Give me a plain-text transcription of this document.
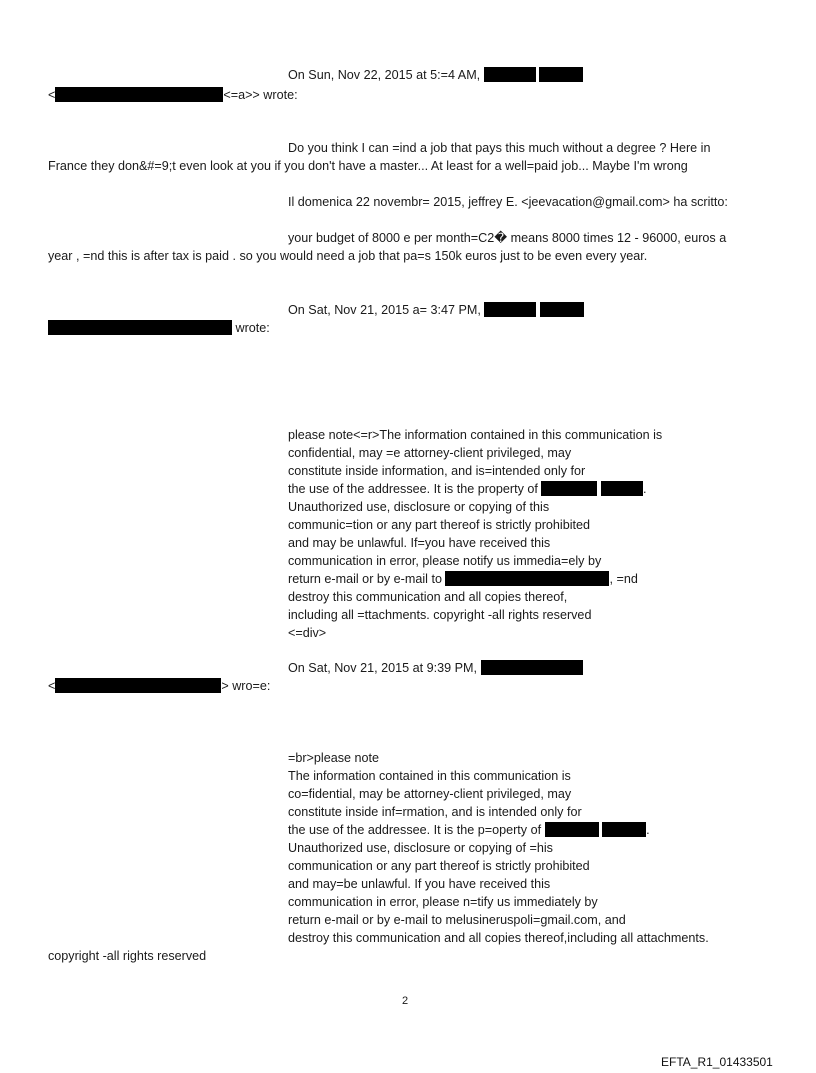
On Sun, Nov 22, 2015 at 5:=4 AM,
<	<=a>> wrote:
Do you think I can =ind a job that pays this much without a degree ? Here in
France they don&#=9;t even look at you if you don't have a master... At least for a well=paid job... Maybe I'm wrong
Il domenica 22 novembr= 2015, jeffrey E. <jeevacation@gmail.com> ha scritto:
your budget of 8000 e per month=C2� means 8000 times 12 - 96000, euros a
year , =nd this is after tax is paid . so you would need a job that pa=s 150k euros just to be even every year.
On Sat, Nov 21, 2015 a= 3:47 PM,
wrote:
please note<=r>The information contained in this communication is
confidential, may =e attorney-client privileged, may
constitute inside information, and is=intended only for
the use of the addressee. It is the property of	.
Unauthorized use, disclosure or copying of this
communic=tion or any part thereof is strictly prohibited
and may be unlawful. If=you have received this
communication in error, please notify us immedia=ely by
return e-mail or by e-mail to	, =nd
destroy this communication and all copies thereof,
including all =ttachments. copyright -all rights reserved
<=div>
On Sat, Nov 21, 2015 at 9:39 PM,
<	> wro=e:
=br>please note
The information contained in this communication is
co=fidential, may be attorney-client privileged, may
constitute inside inf=rmation, and is intended only for
the use of the addressee. It is the p=operty of	.
Unauthorized use, disclosure or copying of =his
communication or any part thereof is strictly prohibited
and may=be unlawful. If you have received this
communication in error, please n=tify us immediately by
return e-mail or by e-mail to melusineruspoli=gmail.com, and
destroy this communication and all copies thereof,including all attachments.
copyright -all rights reserved
2
EFTA_R1_01433501
